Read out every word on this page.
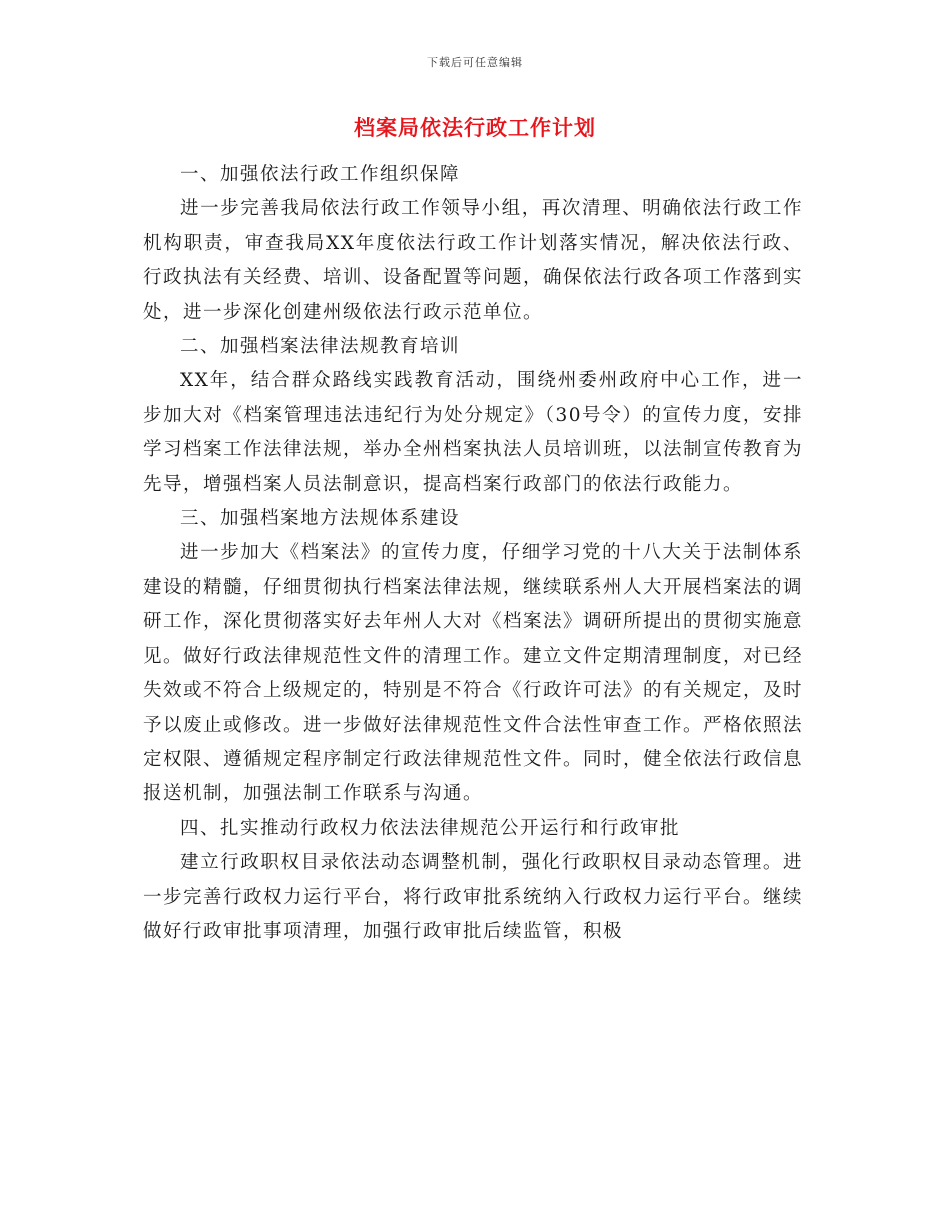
下载后可任意编辑
档案局依法行政工作计划

一、加强依法行政工作组织保障

进一步完善我局依法行政工作领导小组，再次清理、明确依法行政工作机构职责，审查我局XX年度依法行政工作计划落实情况，解决依法行政、行政执法有关经费、培训、设备配置等问题，确保依法行政各项工作落到实处，进一步深化创建州级依法行政示范单位。

二、加强档案法律法规教育培训

XX年，结合群众路线实践教育活动，围绕州委州政府中心工作，进一步加大对《档案管理违法违纪行为处分规定》（30号令）的宣传力度，安排学习档案工作法律法规，举办全州档案执法人员培训班，以法制宣传教育为先导，增强档案人员法制意识，提高档案行政部门的依法行政能力。

三、加强档案地方法规体系建设

进一步加大《档案法》的宣传力度，仔细学习党的十八大关于法制体系建设的精髓，仔细贯彻执行档案法律法规，继续联系州人大开展档案法的调研工作，深化贯彻落实好去年州人大对《档案法》调研所提出的贯彻实施意见。做好行政法律规范性文件的清理工作。建立文件定期清理制度，对已经失效或不符合上级规定的，特别是不符合《行政许可法》的有关规定，及时予以废止或修改。进一步做好法律规范性文件合法性审查工作。严格依照法定权限、遵循规定程序制定行政法律规范性文件。同时，健全依法行政信息报送机制，加强法制工作联系与沟通。

四、扎实推动行政权力依法法律规范公开运行和行政审批

建立行政职权目录依法动态调整机制，强化行政职权目录动态管理。进一步完善行政权力运行平台，将行政审批系统纳入行政权力运行平台。继续做好行政审批事项清理，加强行政审批后续监管，积极
